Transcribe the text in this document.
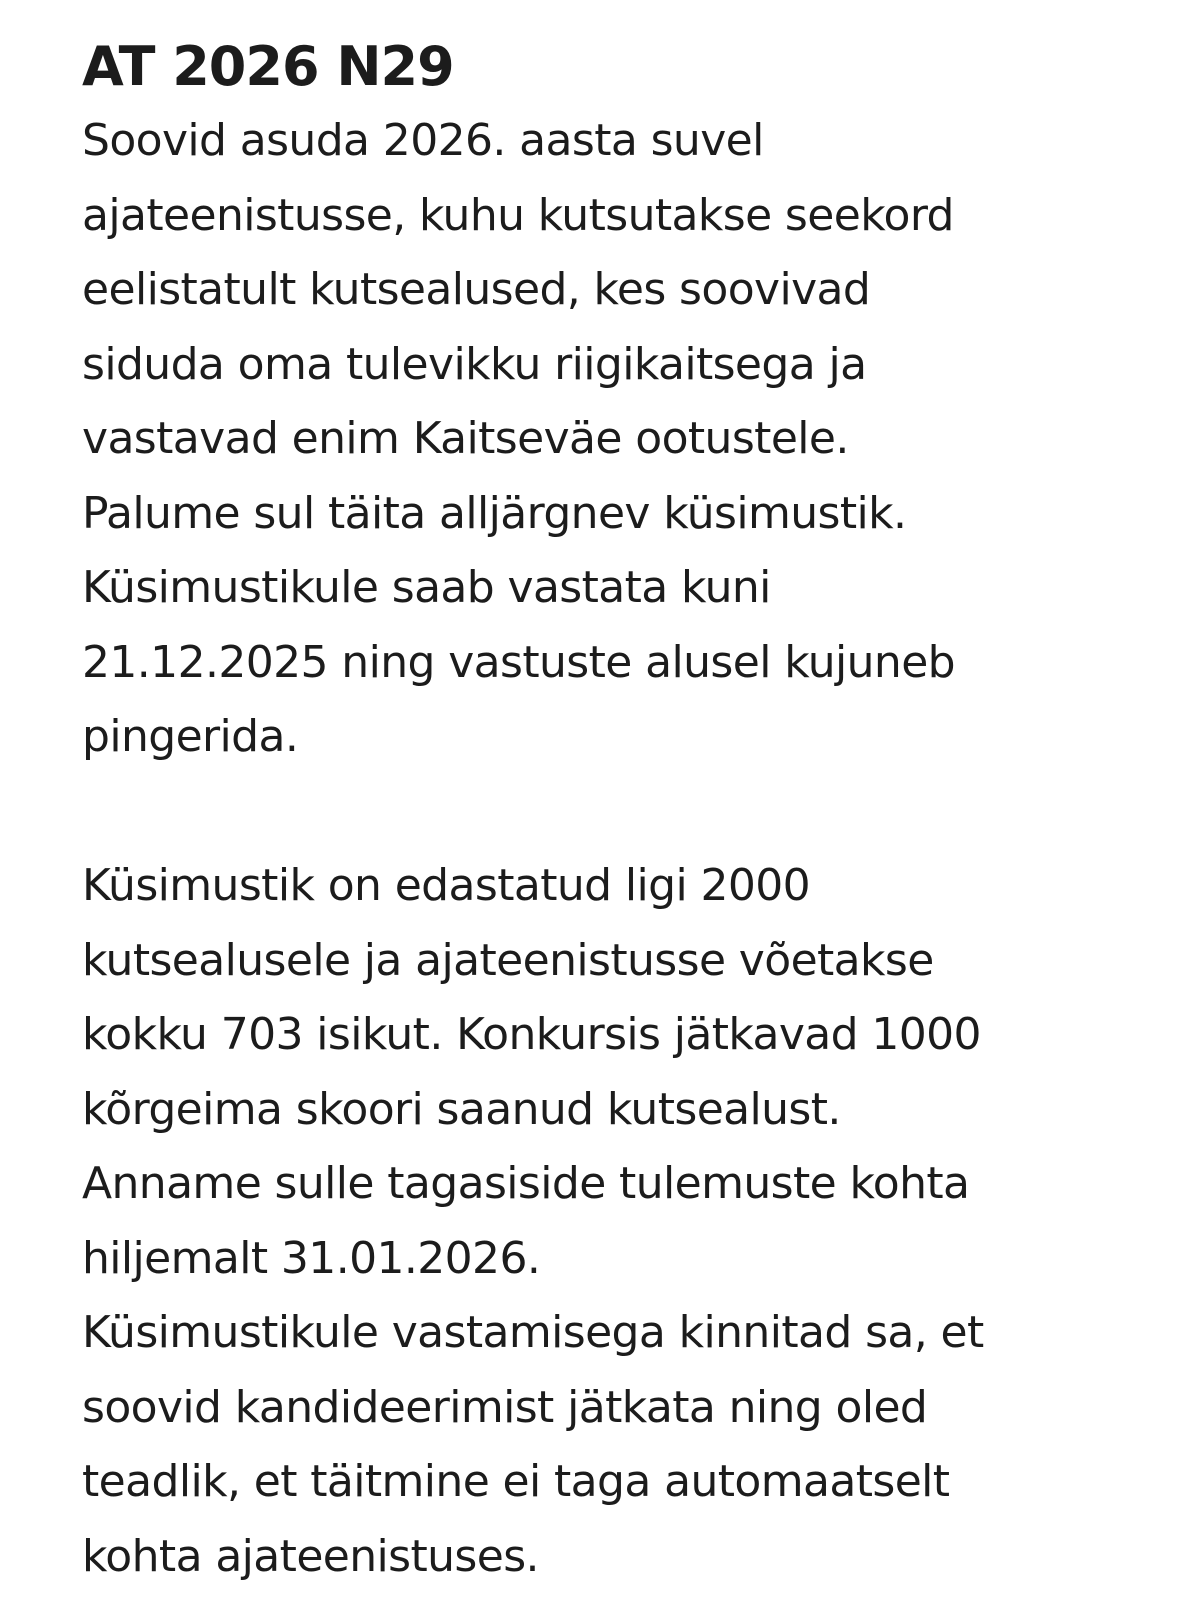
AT 2026 N29

Soovid asuda 2026. aasta suvel
ajateenistusse, kuhu kutsutakse seekord
eelistatult kutsealused, kes soovivad
siduda oma tulevikku riigikaitsega ja
vastavad enim Kaitseväe ootustele.
Palume sul täita alljärgnev küsimustik.
Küsimustikule saab vastata kuni
21.12.2025 ning vastuste alusel kujuneb
pingerida.

Küsimustik on edastatud ligi 2000
kutsealusele ja ajateenistusse võetakse
kokku 703 isikut. Konkursis jätkavad 1000
kõrgeima skoori saanud kutsealust.
Anname sulle tagasiside tulemuste kohta
hiljemalt 31.01.2026.
Küsimustikule vastamisega kinnitad sa, et
soovid kandideerimist jätkata ning oled
teadlik, et täitmine ei taga automaatselt
kohta ajateenistuses.
